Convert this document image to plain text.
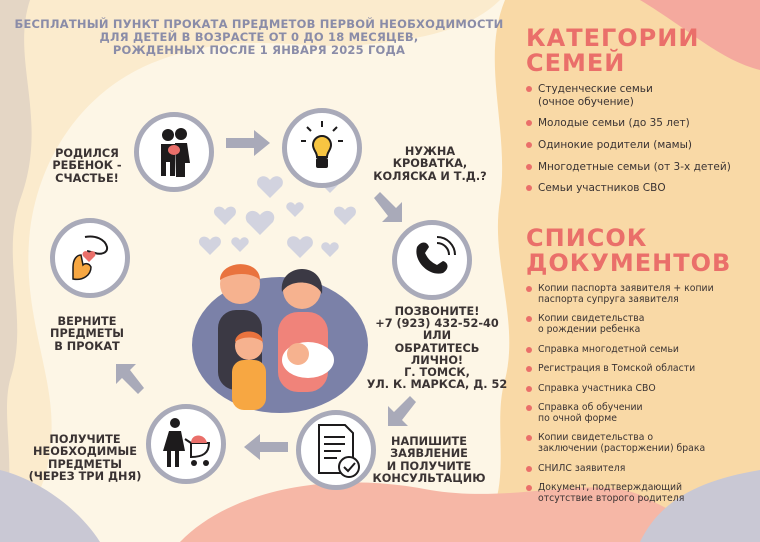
БЕСПЛАТНЫЙ ПУНКТ ПРОКАТА ПРЕДМЕТОВ ПЕРВОЙ НЕОБХОДИМОСТИ
ДЛЯ ДЕТЕЙ В ВОЗРАСТЕ ОТ 0 ДО 18 МЕСЯЦЕВ,
РОЖДЕННЫХ ПОСЛЕ 1 ЯНВАРЯ 2025 ГОДА
РОДИЛСЯ
РЕБЕНОК -
СЧАСТЬЕ!
НУЖНА
КРОВАТКА,
КОЛЯСКА И Т.Д.?
ПОЗВОНИТЕ!
+7 (923) 432-52-40
ИЛИ
ОБРАТИТЕСЬ
ЛИЧНО!
Г. ТОМСК,
УЛ. К. МАРКСА, Д. 52
НАПИШИТЕ
ЗАЯВЛЕНИЕ
И ПОЛУЧИТЕ
КОНСУЛЬТАЦИЮ
ПОЛУЧИТЕ
НЕОБХОДИМЫЕ
ПРЕДМЕТЫ
(ЧЕРЕЗ ТРИ ДНЯ)
ВЕРНИТЕ
ПРЕДМЕТЫ
В ПРОКАТ
КАТЕГОРИИ
СЕМЕЙ
Студенческие семьи
(очное обучение)
Молодые семьи (до 35 лет)
Одинокие родители (мамы)
Многодетные семьи (от 3-х детей)
Семьи участников СВО
СПИСОК
ДОКУМЕНТОВ
Копии паспорта заявителя + копии
паспорта супруга заявителя
Копии свидетельства
о рождении ребенка
Справка многодетной семьи
Регистрация в Томской области
Справка участника СВО
Справка об обучении
по очной форме
Копии свидетельства о
заключении (расторжении) брака
СНИЛС заявителя
Документ, подтверждающий
отсутствие второго родителя
